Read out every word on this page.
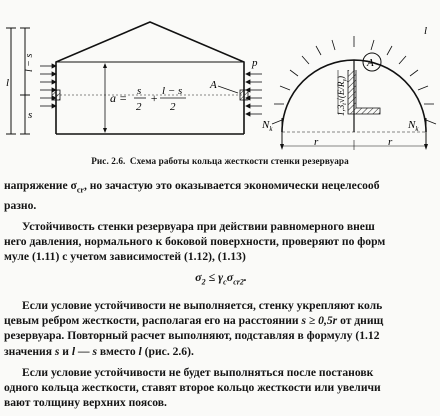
l
s
l − s
a = s
2
+ l − s
2
A
p
l
A
$1,3_t√(E/R_y)$
$N_k$	$N_k$
r	r
Рис. 2.6. Схема работы кольца жесткости стенки резервуара

напряжение $\sigma_{cr}$, но зачастую это оказывается экономически нецелесооб
разно.

Устойчивость стенки резервуара при действии равномерного внеш
него давления, нормального к боковой поверхности, проверяют по форм
муле (1.11) с учетом зависимостей (1.12), (1.13)

$\sigma_2 \le \gamma_c\sigma_{cr2}$.

Если условие устойчивости не выполняется, стенку укрепляют коль
цевым ребром жесткости, располагая его на расстоянии s ≥ 0,5r от днищ
резервуара. Повторный расчет выполняют, подставляя в формулу (1.12
значения s и l — s вместо l (рис. 2.6).

Если условие устойчивости не будет выполняться после постановк
одного кольца жесткости, ставят второе кольцо жесткости или увеличи
вают толщину верхних поясов.
